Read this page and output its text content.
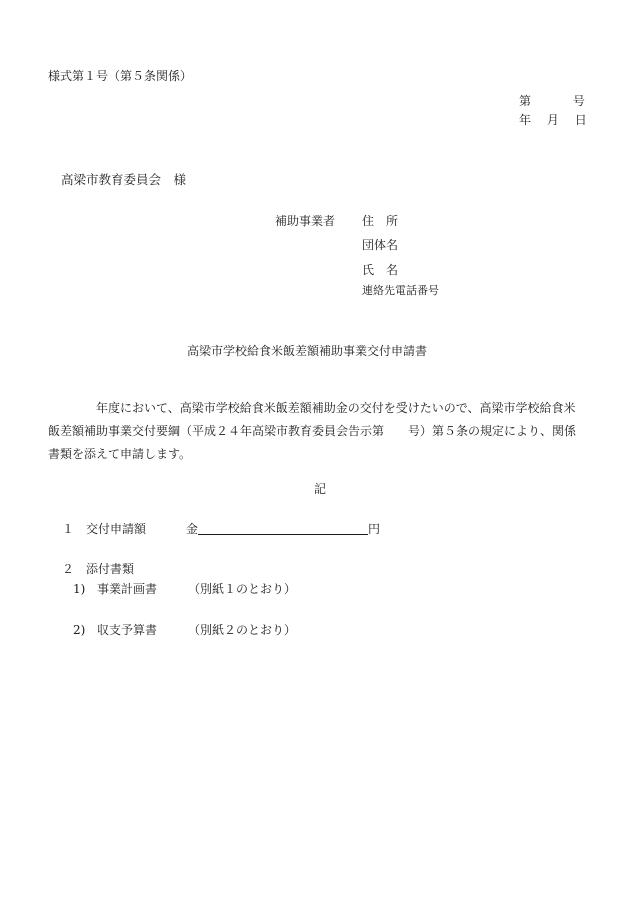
様式第１号（第５条関係）
第	号
年 月 日
高梁市教育委員会　様
補助事業者 住　所
団体名
氏　名
連絡先電話番号
高梁市学校給食米飯差額補助事業交付申請書
年度において、高梁市学校給食米飯差額補助金の交付を受けたいので、高梁市学校給食米飯差額補助事業交付要綱（平成２４年高梁市教育委員会告示第　　号）第５条の規定により、関係書類を添えて申請します。
記
１ 交付申請額	金	円
２ 添付書類
1) 事業計画書	（別紙１のとおり）
2) 収支予算書	（別紙２のとおり）
